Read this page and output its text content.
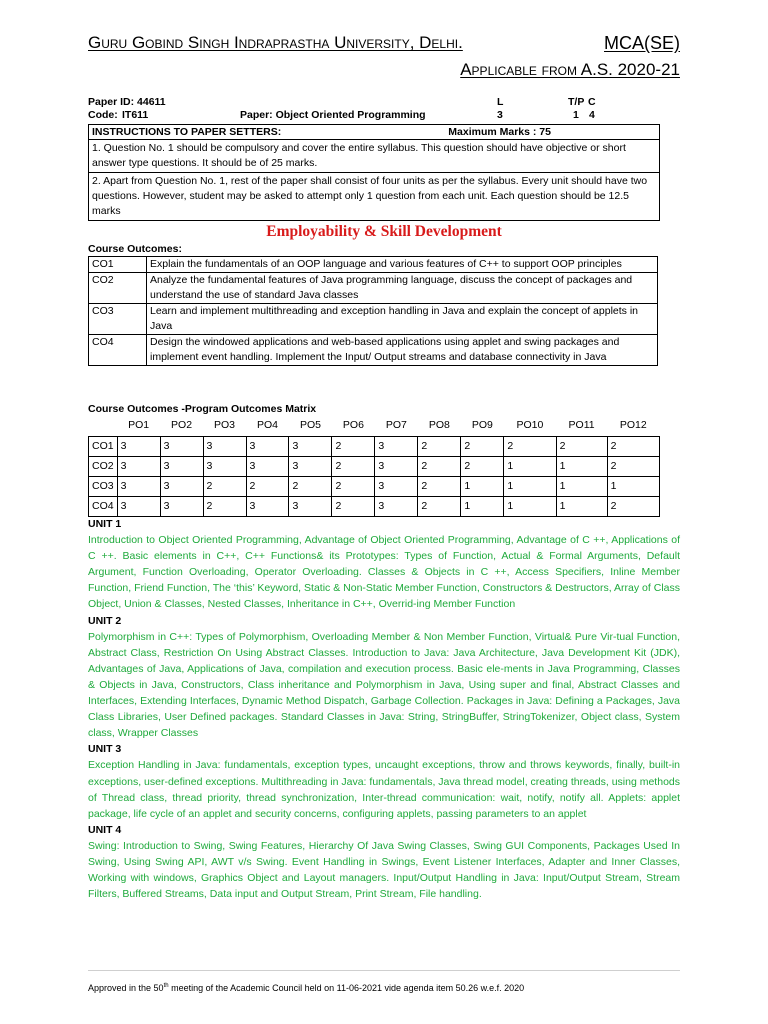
Guru Gobind Singh Indraprastha University, Delhi.	MCA(SE)
Applicable from A.S. 2020-21
Paper ID: 44611	L	T/P C
Code: IT611	Paper: Object Oriented Programming	3	1 4
INSTRUCTIONS TO PAPER SETTERS:	Maximum Marks : 75
1. Question No. 1 should be compulsory and cover the entire syllabus. This question should have objective or short answer type questions. It should be of 25 marks.
2. Apart from Question No. 1, rest of the paper shall consist of four units as per the syllabus. Every unit should have two questions. However, student may be asked to attempt only 1 question from each unit. Each question should be 12.5 marks
Employability & Skill Development
Course Outcomes:
CO1	Explain the fundamentals of an OOP language and various features of C++ to support OOP principles
CO2	Analyze the fundamental features of Java programming language, discuss the concept of packages and understand the use of standard Java classes
CO3	Learn and implement multithreading and exception handling in Java and explain the concept of applets in Java
CO4	Design the windowed applications and web-based applications using applet and swing packages and implement event handling. Implement the Input/ Output streams and database connectivity in Java
Course Outcomes -Program Outcomes Matrix
	PO1	PO2	PO3	PO4	PO5	PO6	PO7	PO8	PO9	PO10	PO11	PO12
CO1	3	3	3	3	3	2	3	2	2	2	2	2
CO2	3	3	3	3	3	2	3	2	2	1	1	2
CO3	3	3	2	2	2	2	3	2	1	1	1	1
CO4	3	3	2	3	3	2	3	2	1	1	1	2
UNIT 1
Introduction to Object Oriented Programming, Advantage of Object Oriented Programming, Advantage of C ++, Applications of C ++. Basic elements in C++, C++ Functions& its Prototypes: Types of Function, Actual & Formal Arguments, Default Argument, Function Overloading, Operator Overloading. Classes & Objects in C ++, Access Specifiers, Inline Member Function, Friend Function, The ‘this’ Keyword, Static & Non-Static Member Function, Constructors & Destructors, Array of Class Object, Union & Classes, Nested Classes, Inheritance in C++, Overrid-ing Member Function
UNIT 2
Polymorphism in C++: Types of Polymorphism, Overloading Member & Non Member Function, Virtual& Pure Vir-tual Function, Abstract Class, Restriction On Using Abstract Classes. Introduction to Java: Java Architecture, Java Development Kit (JDK), Advantages of Java, Applications of Java, compilation and execution process. Basic ele-ments in Java Programming, Classes & Objects in Java, Constructors, Class inheritance and Polymorphism in Java, Using super and final, Abstract Classes and Interfaces, Extending Interfaces, Dynamic Method Dispatch, Garbage Collection. Packages in Java: Defining a Packages, Java Class Libraries, User Defined packages. Standard Classes in Java: String, StringBuffer, StringTokenizer, Object class, System class, Wrapper Classes
UNIT 3
Exception Handling in Java: fundamentals, exception types, uncaught exceptions, throw and throws keywords, finally, built-in exceptions, user-defined exceptions. Multithreading in Java: fundamentals, Java thread model, creating threads, using methods of Thread class, thread priority, thread synchronization, Inter-thread communication: wait, notify, notify all. Applets: applet package, life cycle of an applet and security concerns, configuring applets, passing parameters to an applet
UNIT 4
Swing: Introduction to Swing, Swing Features, Hierarchy Of Java Swing Classes, Swing GUI Components, Packages Used In Swing, Using Swing API, AWT v/s Swing. Event Handling in Swings, Event Listener Interfaces, Adapter and Inner Classes, Working with windows, Graphics Object and Layout managers. Input/Output Handling in Java: Input/Output Stream, Stream Filters, Buffered Streams, Data input and Output Stream, Print Stream, File handling.
Approved in the 50th meeting of the Academic Council held on 11-06-2021 vide agenda item 50.26 w.e.f. 2020
